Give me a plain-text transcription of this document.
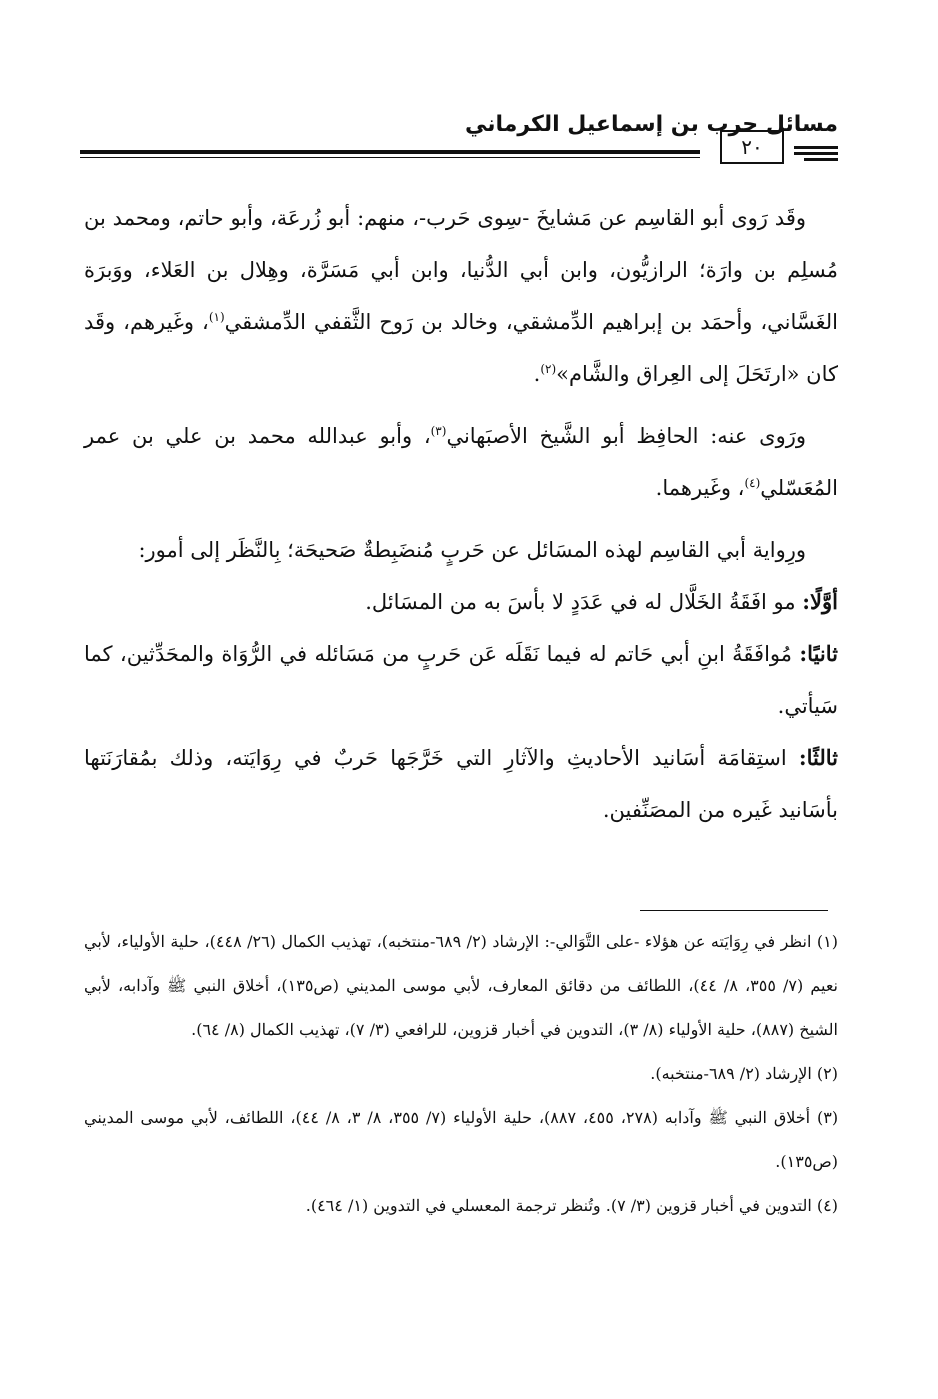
مسائل حرب بن إسماعيل الكرماني
٢٠

وقَد رَوى أبو القاسِم عن مَشايخَ -سِوى حَرب-، منهم: أبو زُرعَة، وأبو حاتم، ومحمد بن مُسلِم بن وارَة؛ الرازيُّون، وابن أبي الدُّنيا، وابن أبي مَسَرَّة، وهِلال بن العَلاء، ووَبرَة الغَسَّاني، وأحمَد بن إبراهيم الدِّمشقي، وخالد بن رَوح الثَّقفي الدِّمشقي$^{(١)}$، وغَيرهم، وقَد كان «ارتَحَلَ إلى العِراق والشَّام»$^{(٢)}$.

ورَوى عنه: الحافِظ أبو الشَّيخ الأصبَهاني$^{(٣)}$، وأبو عبدالله محمد بن علي بن عمر المُعَسّلي$^{(٤)}$، وغَيرهما.

ورِواية أبي القاسِم لهذه المسَائل عن حَربٍ مُنضَبِطةٌ صَحيحَة؛ بِالنَّظَر إلى أمور:

أوَّلًا: مو افَقَةُ الخَلَّال له في عَدَدٍ لا بأسَ به من المسَائل.

ثانيًا: مُوافَقَةُ ابنِ أبي حَاتم له فيما نَقَلَه عَن حَربٍ من مَسَائله في الرُّوَاة والمحَدِّثين، كما سَيأتي.

ثالثًا: استِقامَة أسَانيد الأحاديثِ والآثارِ التي خَرَّجَها حَربٌ في رِوَايَته، وذلك بمُقارَنَتها بأسَانيد غَيره من المصَنِّفين.

(١) انظر في رِوَايَته عن هؤلاء -على التَّوَالي-: الإرشاد (٢/ ٦٨٩-منتخبه)، تهذيب الكمال (٢٦/ ٤٤٨)، حلية الأولياء، لأبي نعيم (٧/ ٣٥٥، ٨/ ٤٤)، اللطائف من دقائق المعارف، لأبي موسى المديني (ص١٣٥)، أخلاق النبي ﷺ وآدابه، لأبي الشيخ (٨٨٧)، حلية الأولياء (٨/ ٣)، التدوين في أخبار قزوين، للرافعي (٣/ ٧)، تهذيب الكمال (٨/ ٦٤).

(٢) الإرشاد (٢/ ٦٨٩-منتخبه).

(٣) أخلاق النبي ﷺ وآدابه (٢٧٨، ٤٥٥، ٨٨٧)، حلية الأولياء (٧/ ٣٥٥، ٨/ ٣، ٨/ ٤٤)، اللطائف، لأبي موسى المديني (ص١٣٥).

(٤) التدوين في أخبار قزوين (٣/ ٧). وتُنظر ترجمة المعسلي في التدوين (١/ ٤٦٤).
